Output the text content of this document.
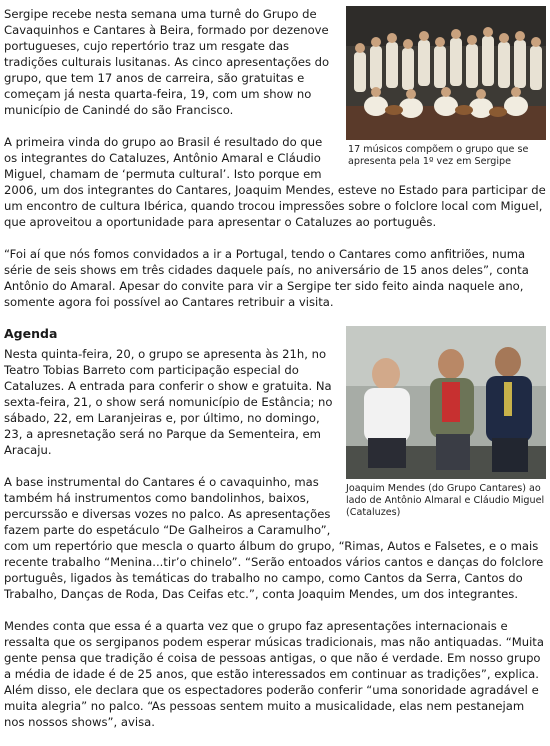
17 músicos compõem o grupo que se apresenta pela 1º vez em Sergipe

Sergipe recebe nesta semana uma turnê do Grupo de Cavaquinhos e Cantares à Beira, formado por dezenove portugueses, cujo repertório traz um resgate das tradições culturais lusitanas. As cinco apresentações do grupo, que tem 17 anos de carreira, são gratuitas e começam já nesta quarta-feira, 19, com um show no município de Canindé do são Francisco.

A primeira vinda do grupo ao Brasil é resultado do que os integrantes do Cataluzes, Antônio Amaral e Cláudio Miguel, chamam de ‘permuta cultural’. Isto porque em 2006, um dos integrantes do Cantares, Joaquim Mendes, esteve no Estado para participar de um encontro de cultura Ibérica, quando trocou impressões sobre o folclore local com Miguel, que aproveitou a oportunidade para apresentar o Cataluzes ao português.

“Foi aí que nós fomos convidados a ir a Portugal, tendo o Cantares como anfitriões, numa série de seis shows em três cidades daquele país, no aniversário de 15 anos deles”, conta Antônio do Amaral. Apesar do convite para vir a Sergipe ter sido feito ainda naquele ano, somente agora foi possível ao Cantares retribuir a visita.

Joaquim Mendes (do Grupo Cantares) ao lado de Antônio Almaral e Cláudio Miguel (Cataluzes)
Agenda

Nesta quinta-feira, 20, o grupo se apresenta às 21h, no Teatro Tobias Barreto com participação especial do Cataluzes. A entrada para conferir o show e gratuita. Na sexta-feira, 21, o show será nomunicípio de Estância; no sábado, 22, em Laranjeiras e, por último, no domingo, 23, a apresnetação será no Parque da Sementeira, em Aracaju.

A base instrumental do Cantares é o cavaquinho, mas também há instrumentos como bandolinhos, baixos, percurssão e diversas vozes no palco. As apresentações fazem parte do espetáculo “De Galheiros a Caramulho”, com um repertório que mescla o quarto álbum do grupo, “Rimas, Autos e Falsetes, e o mais recente trabalho “Menina...tir’o chinelo”. “Serão entoados vários cantos e danças do folclore português, ligados às temáticas do trabalho no campo, como Cantos da Serra, Cantos do Trabalho, Danças de Roda, Das Ceifas etc.”, conta Joaquim Mendes, um dos integrantes.

Mendes conta que essa é a quarta vez que o grupo faz apresentações internacionais e ressalta que os sergipanos podem esperar músicas tradicionais, mas não antiquadas. “Muita gente pensa que tradição é coisa de pessoas antigas, o que não é verdade. Em nosso grupo a média de idade é de 25 anos, que estão interessados em continuar as tradições”, explica. Além disso, ele declara que os espectadores poderão conferir “uma sonoridade agradável e muita alegria” no palco. “As pessoas sentem muito a musicalidade, elas nem pestanejam nos nossos shows”, avisa.
